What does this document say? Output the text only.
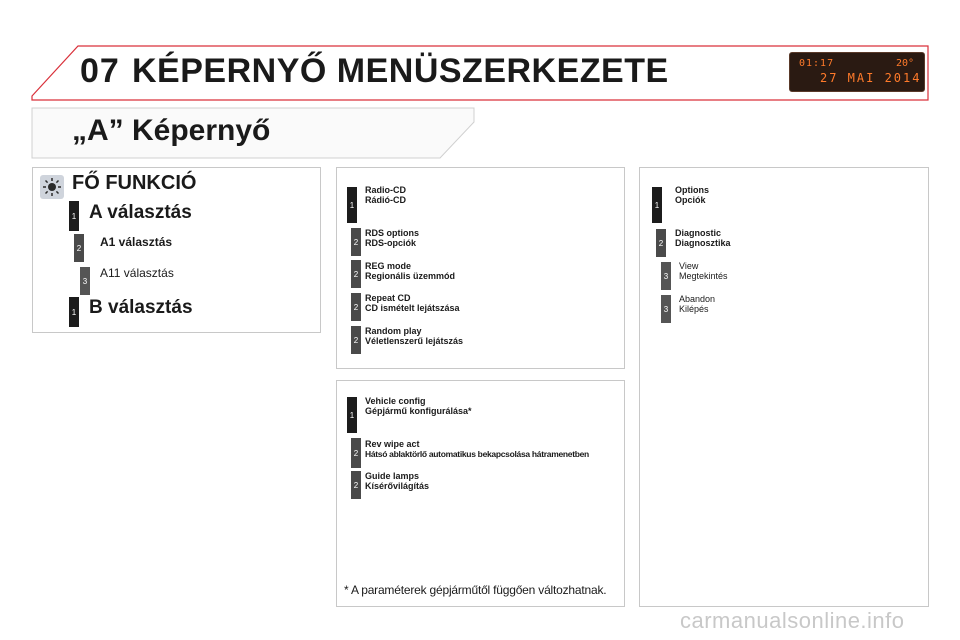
07 KÉPERNYŐ MENÜSZERKEZETE	01:17	20°
27 MAI 2014
„A” Képernyő
FŐ FUNKCIÓ
1 A választás
2 A1 választás
3
A11 választás
1 B választás
1
Radio-CD
Rádió-CD
2
RDS options
RDS-opciók
2
REG mode
Regionális üzemmód
2
Repeat CD
CD ismételt lejátszása
2
Random play
Véletlenszerű lejátszás
1
Vehicle config
Gépjármű konfigurálása*
2
Rev wipe act
Hátsó ablaktörlő automatikus bekapcsolása hátramenetben
2
Guide lamps
Kísérővilágítás
* A paraméterek gépjárműtől függően változhatnak.
1
Options
Opciók
2
Diagnostic
Diagnosztika
3
View
Megtekintés
3
Abandon
Kilépés
carmanualsonline.info
